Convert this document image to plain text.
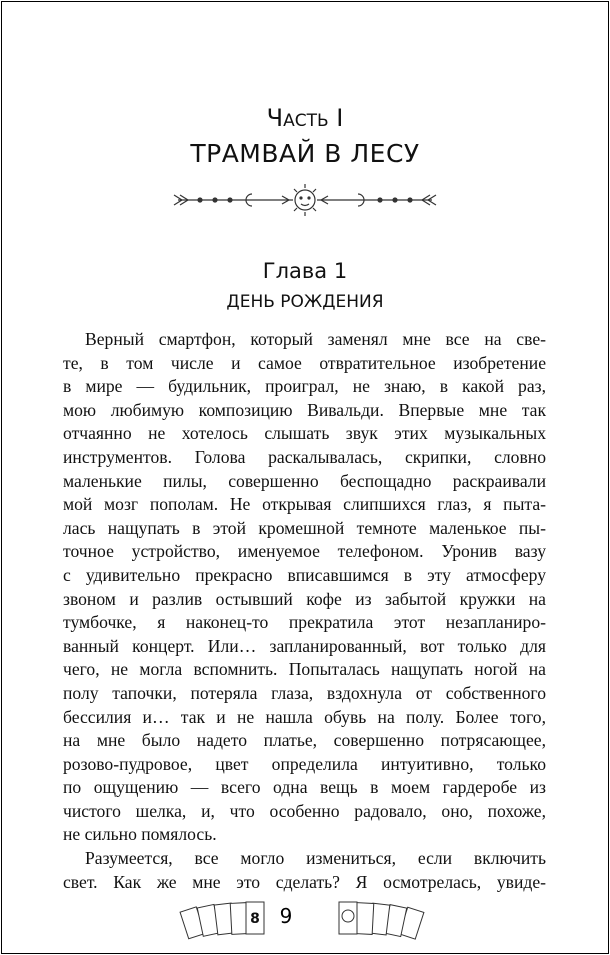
Часть I
ТРАМВАЙ В ЛЕСУ
Глава 1
ДЕНЬ РОЖДЕНИЯ
Верный смартфон, который заменял мне все на све-
те, в том числе и самое отвратительное изобретение
в мире — будильник, проиграл, не знаю, в какой раз,
мою любимую композицию Вивальди. Впервые мне так
отчаянно не хотелось слышать звук этих музыкальных
инструментов. Голова раскалывалась, скрипки, словно
маленькие пилы, совершенно беспощадно раскраивали
мой мозг пополам. Не открывая слипшихся глаз, я пыта-
лась нащупать в этой кромешной темноте маленькое пы-
точное устройство, именуемое телефоном. Уронив вазу
с удивительно прекрасно вписавшимся в эту атмосферу
звоном и разлив остывший кофе из забытой кружки на
тумбочке, я наконец-то прекратила этот незапланиро-
ванный концерт. Или… запланированный, вот только для
чего, не могла вспомнить. Попыталась нащупать ногой на
полу тапочки, потеряла глаза, вздохнула от собственного
бессилия и… так и не нашла обувь на полу. Более того,
на мне было надето платье, совершенно потрясающее,
розово-пудровое, цвет определила интуитивно, только
по ощущению — всего одна вещь в моем гардеробе из
чистого шелка, и, что особенно радовало, оно, похоже,
не сильно помялось.
Разумеется, все могло измениться, если включить
свет. Как же мне это сделать? Я осмотрелась, увиде-
8 9
